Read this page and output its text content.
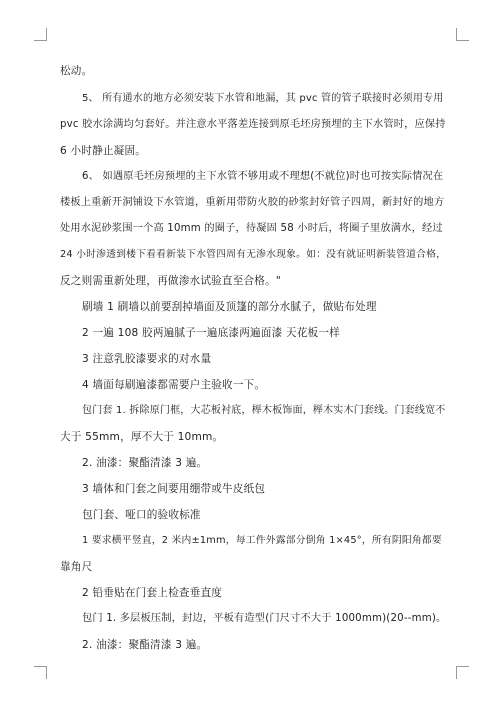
松动。
5、 所有通水的地方必须安装下水管和地漏，其 pvc 管的管子联接时必须用专用
pvc 胶水涂满均匀套好。并注意水平落差连接到原毛坯房预埋的主下水管时，应保持
6 小时静止凝固。
6、 如遇原毛坯房预埋的主下水管不够用或不理想(不就位)时也可按实际情况在
楼板上重新开洞铺设下水管道，重新用带防火胶的砂浆封好管子四周，新封好的地方
处用水泥砂浆围一个高 10mm 的圈子，待凝固 58 小时后，将圈子里放满水，经过
24 小时渗透到楼下看看新装下水管四周有无渗水现象。如：没有就证明新装管道合格，
反之则需重新处理，再做渗水试验直至合格。"
刷墙 1 刷墙以前要刮掉墙面及顶篷的部分水腻子，做贴布处理
2 一遍 108 胶两遍腻子一遍底漆两遍面漆 天花板一样
3 注意乳胶漆要求的对水量
4 墙面每刷遍漆都需要户主验收一下。
包门套 1. 拆除原门框，大芯板衬底，榉木板饰面，榉木实木门套线。门套线宽不
大于 55mm，厚不大于 10mm。
2. 油漆：聚酯清漆 3 遍。
3 墙体和门套之间要用绷带或牛皮纸包
包门套、哑口的验收标准
1 要求横平竖直，2 米内±1mm，每工件外露部分倒角 1×45°，所有阴阳角都要
靠角尺
2 铅垂贴在门套上检查垂直度
包门 1. 多层板压制，封边，平板有造型(门尺寸不大于 1000mm)(20--mm)。
2. 油漆：聚酯清漆 3 遍。
